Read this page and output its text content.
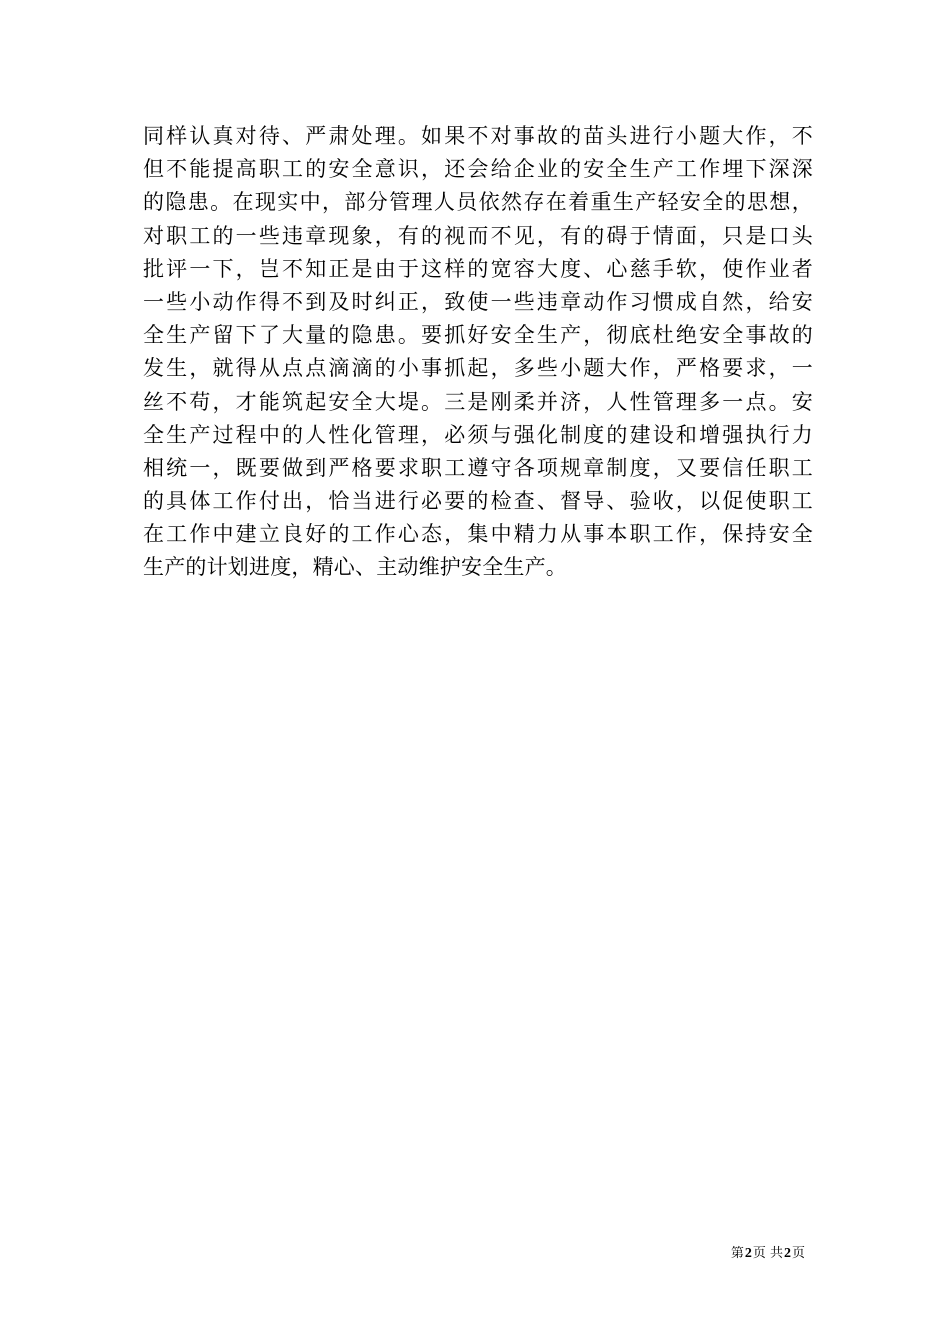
同样认真对待、严肃处理。如果不对事故的苗头进行小题大作，不
但不能提高职工的安全意识，还会给企业的安全生产工作埋下深深
的隐患。在现实中，部分管理人员依然存在着重生产轻安全的思想，
对职工的一些违章现象，有的视而不见，有的碍于情面，只是口头
批评一下，岂不知正是由于这样的宽容大度、心慈手软，使作业者
一些小动作得不到及时纠正，致使一些违章动作习惯成自然，给安
全生产留下了大量的隐患。要抓好安全生产，彻底杜绝安全事故的
发生，就得从点点滴滴的小事抓起，多些小题大作，严格要求，一
丝不苟，才能筑起安全大堤。三是刚柔并济，人性管理多一点。安
全生产过程中的人性化管理，必须与强化制度的建设和增强执行力
相统一，既要做到严格要求职工遵守各项规章制度，又要信任职工
的具体工作付出，恰当进行必要的检查、督导、验收，以促使职工
在工作中建立良好的工作心态，集中精力从事本职工作，保持安全
生产的计划进度，精心、主动维护安全生产。
第2页 共2页
